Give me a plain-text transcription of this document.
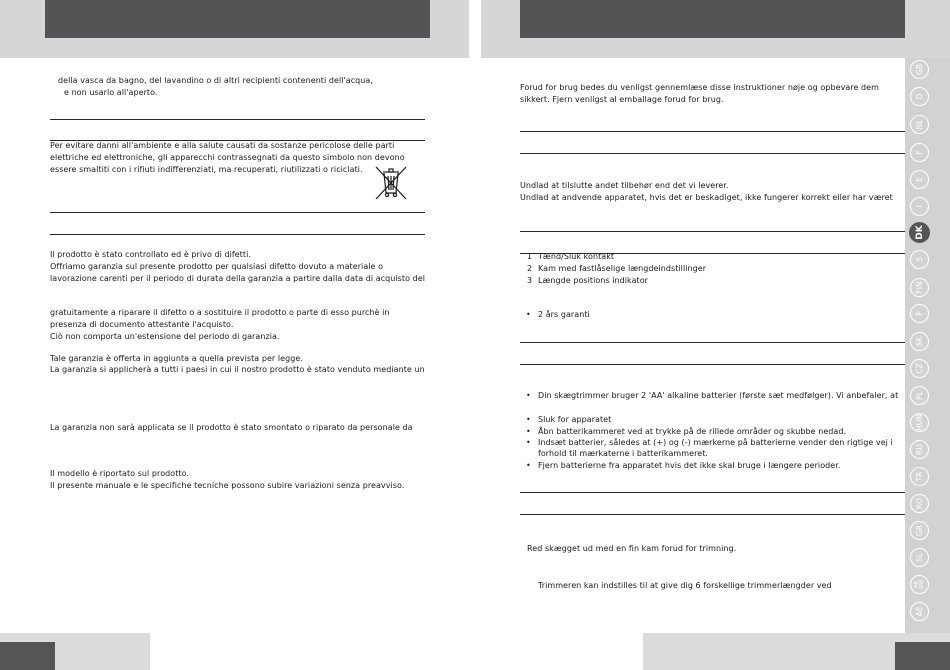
della vasca da bagno, del lavandino o di altri recipienti contenenti dell'acqua,
e non usarlo all'aperto.
Per evitare danni all'ambiente e alla salute causati da sostanze pericolose delle parti
elettriche ed elettroniche, gli apparecchi contrassegnati da questo simbolo non devono
essere smaltiti con i rifiuti indifferenziati, ma recuperati, riutilizzati o riciclati.
Il prodotto è stato controllato ed è privo di difetti.
Offriamo garanzia sul presente prodotto per qualsiasi difetto dovuto a materiale o
lavorazione carenti per il periodo di durata della garanzia a partire dalla data di acquisto del
gratuitamente a riparare il difetto o a sostituire il prodotto o parte di esso purchè in
presenza di documento attestante l'acquisto.
Ciò non comporta un'estensione del periodo di garanzia.
Tale garanzia è offerta in aggiunta a quella prevista per legge.
La garanzia si applicherà a tutti i paesi in cui il nostro prodotto è stato venduto mediante un
La garanzia non sarà applicata se il prodotto è stato smontato o riparato da personale da
Il modello è riportato sul prodotto.
Il presente manuale e le specifiche tecniche possono subire variazioni senza preavviso.
Forud for brug bedes du venligst gennemlæse disse instruktioner nøje og opbevare dem
sikkert. Fjern venligst al emballage forud for brug.
Undlad at tilslutte andet tilbehør end det vi leverer.
Undlad at andvende apparatet, hvis det er beskadiget, ikke fungerer korrekt eller har været
1 Tænd/Sluk kontakt
2 Kam med fastlåselige længdeindstillinger
3 Længde positions indikator
• 2 års garanti
• Din skægtrimmer bruger 2 'AA' alkaline batterier (første sæt medfølger). Vi anbefaler, at
• Sluk for apparatet
• Åbn batterikammeret ved at trykke på de rillede områder og skubbe nedad.
• Indsæt batterier, således at (+) og (-) mærkerne på batterierne vender den rigtige vej i
forhold til mærkaterne i batterikammeret.
• Fjern batterierne fra apparatet hvis det ikke skal bruge i længere perioder.
Red skægget ud med en fin kam forud for trimning.
Trimmeren kan indstilles til at give dig 6 forskellige trimmerlængder ved
GB
D
NL
F
E
I
DK
S
FIN
P
SK
CZ
PL
HUN
RU
TR
RO
GR
SL
HR SRB
AE
